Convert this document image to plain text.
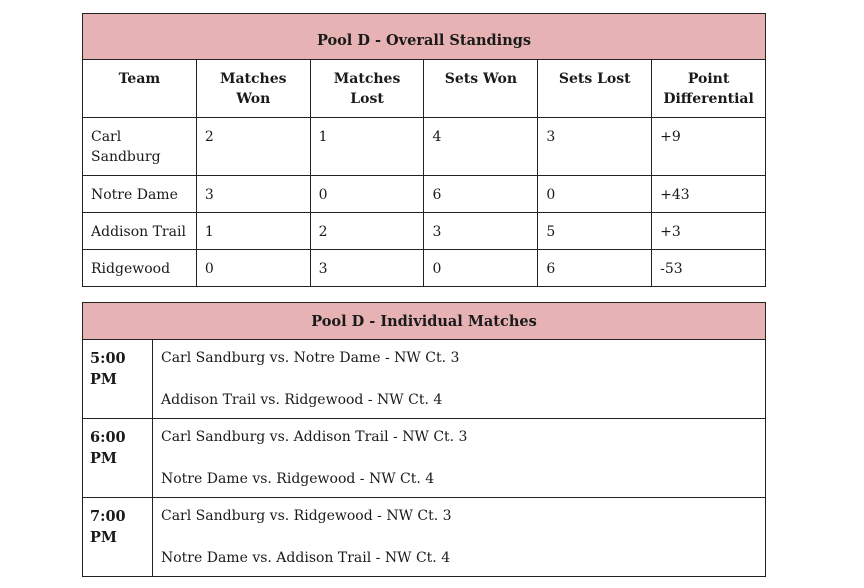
Pool D - Overall Standings					
Team	Matches Won	Matches Lost	Sets Won	Sets Lost	Point Differential
Carl Sandburg	2	1	4	3	+9
Notre Dame	3	0	6	0	+43
Addison Trail	1	2	3	5	+3
Ridgewood	0	3	0	6	-53
Pool D - Individual Matches	
5:00 PM	Carl Sandburg vs. Notre Dame - NW Ct. 3
Addison Trail vs. Ridgewood - NW Ct. 4

6:00 PM	Carl Sandburg vs. Addison Trail - NW Ct. 3
Notre Dame vs. Ridgewood - NW Ct. 4

7:00 PM	Carl Sandburg vs. Ridgewood - NW Ct. 3
Notre Dame vs. Addison Trail - NW Ct. 4
